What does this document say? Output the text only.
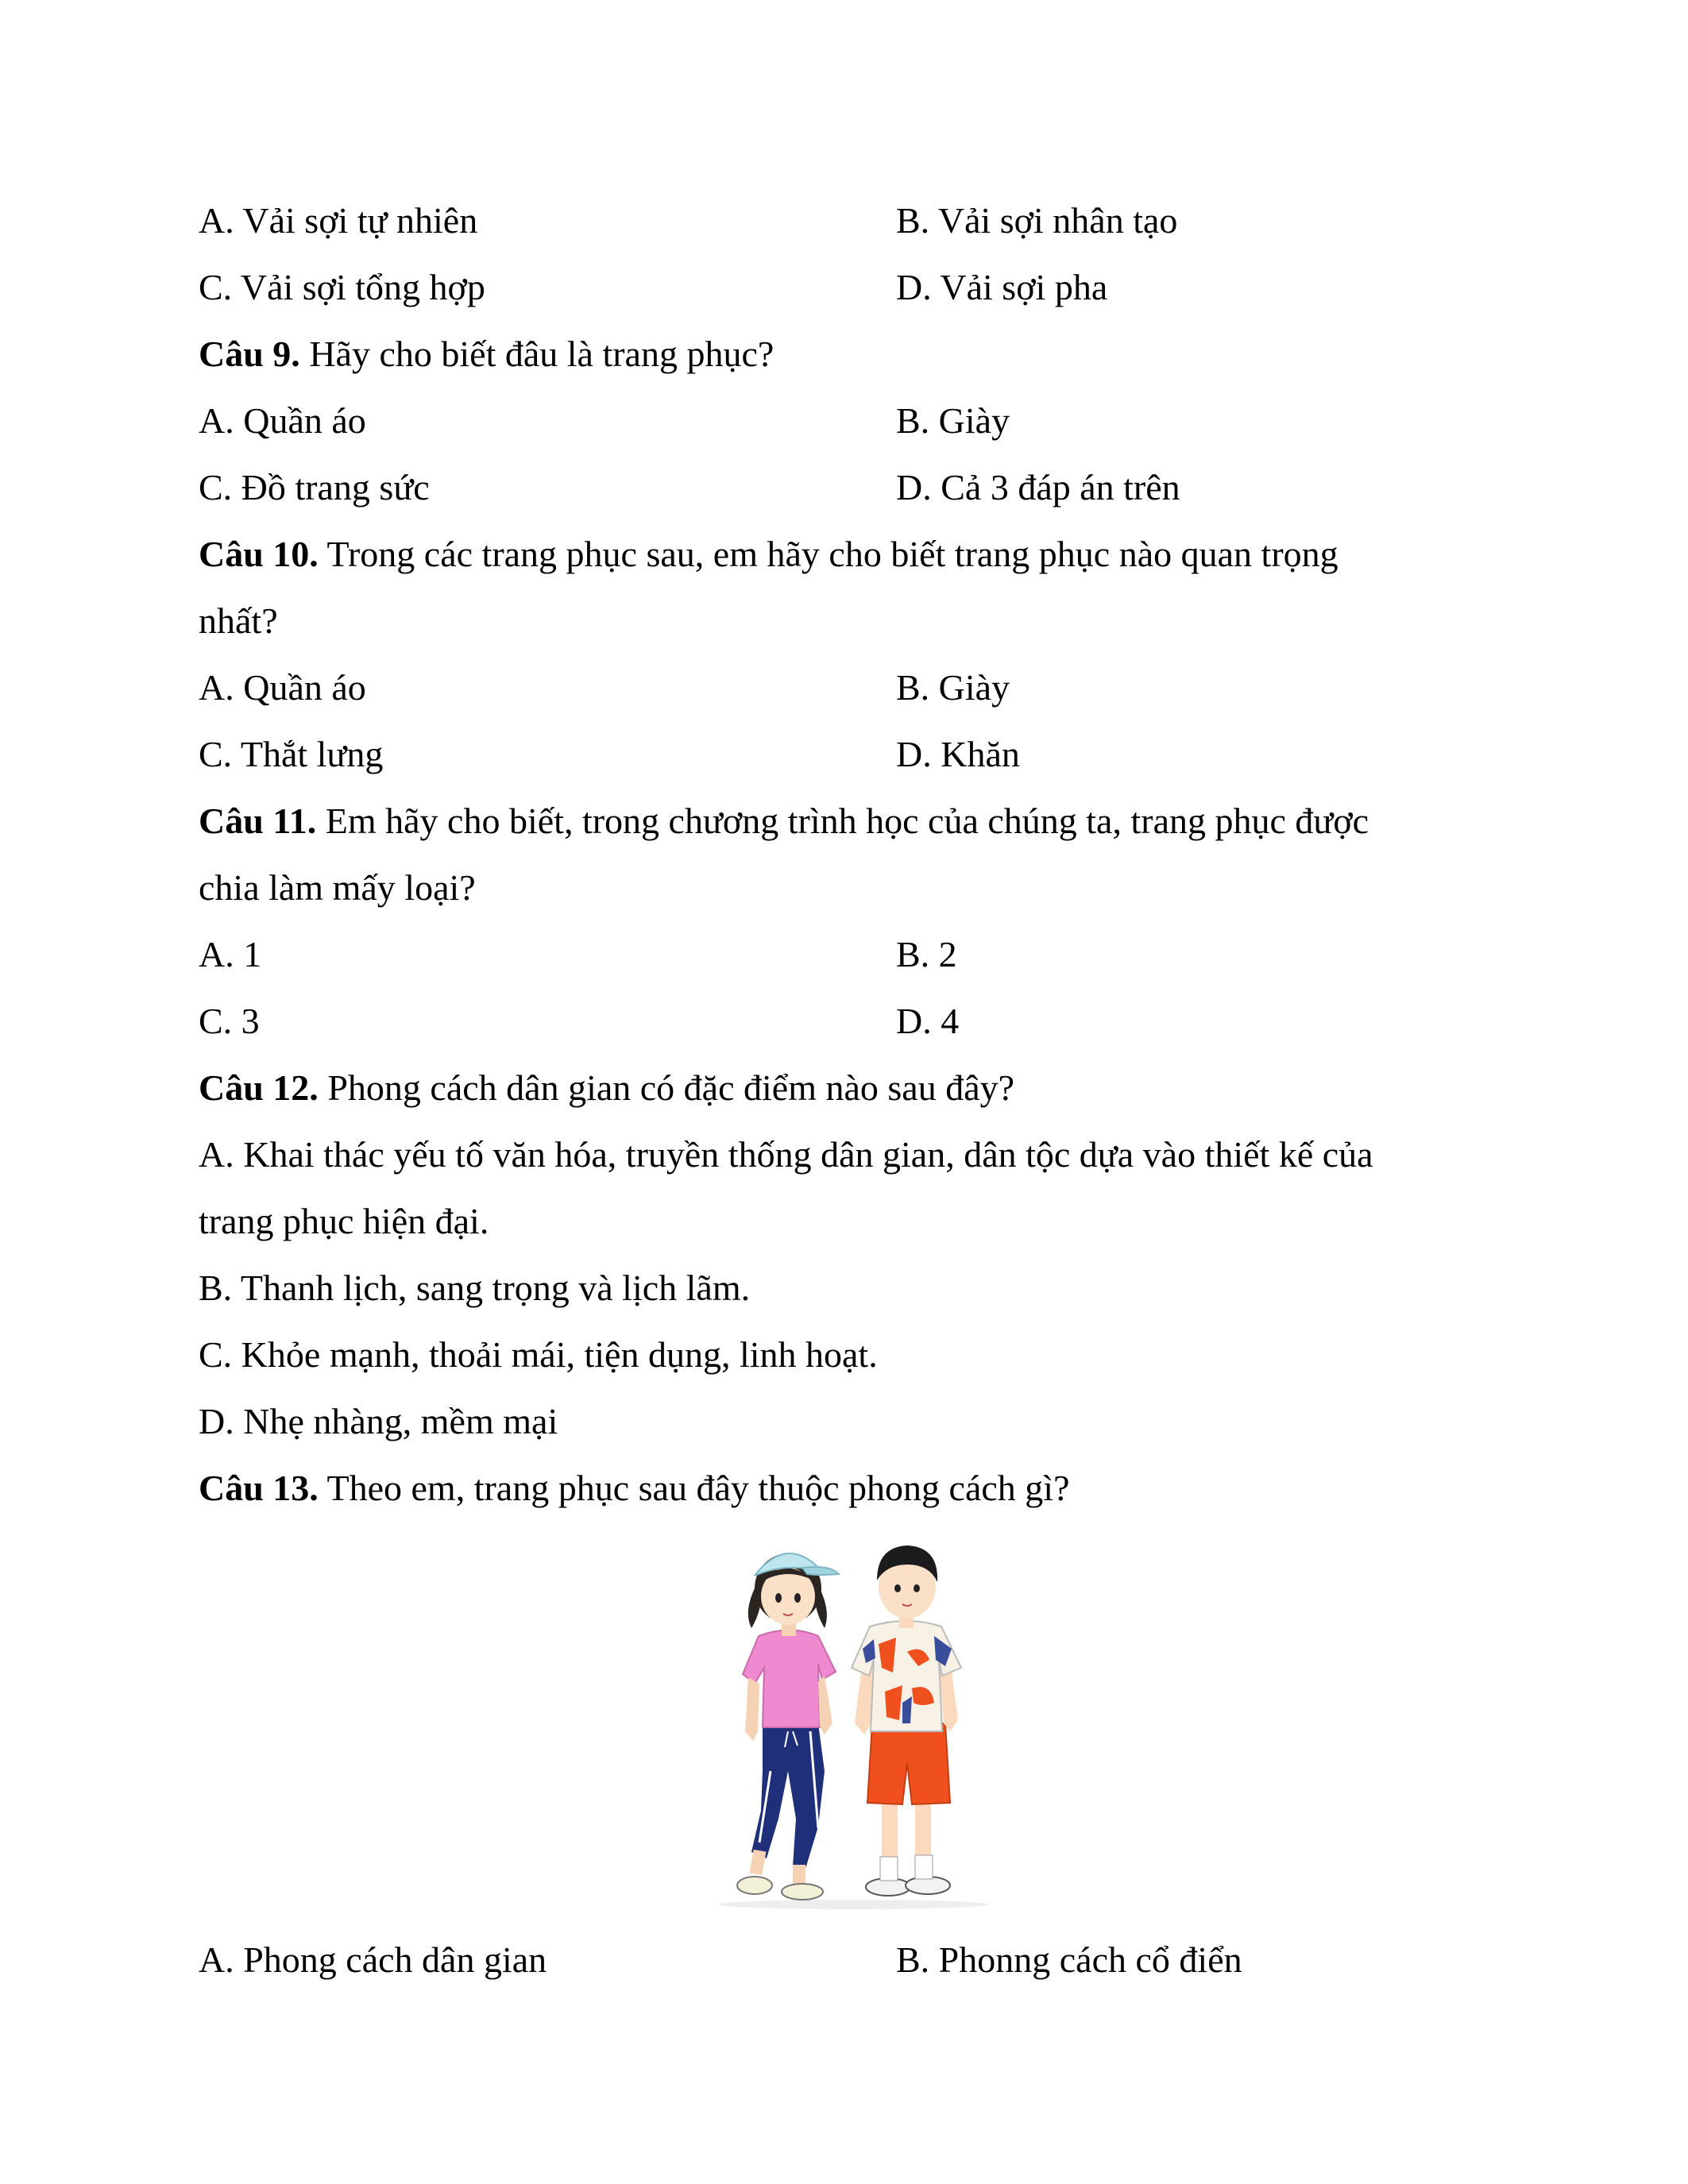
A. Vải sợi tự nhiên	B. Vải sợi nhân tạo
C. Vải sợi tổng hợp	D. Vải sợi pha
Câu 9. Hãy cho biết đâu là trang phục?
A. Quần áo	B. Giày
C. Đồ trang sức	D. Cả 3 đáp án trên
Câu 10. Trong các trang phục sau, em hãy cho biết trang phục nào quan trọng
nhất?
A. Quần áo	B. Giày
C. Thắt lưng	D. Khăn
Câu 11. Em hãy cho biết, trong chương trình học của chúng ta, trang phục được
chia làm mấy loại?
A. 1	B. 2
C. 3	D. 4
Câu 12. Phong cách dân gian có đặc điểm nào sau đây?
A. Khai thác yếu tố văn hóa, truyền thống dân gian, dân tộc dựa vào thiết kế của
trang phục hiện đại.
B. Thanh lịch, sang trọng và lịch lãm.
C. Khỏe mạnh, thoải mái, tiện dụng, linh hoạt.
D. Nhẹ nhàng, mềm mại
Câu 13. Theo em, trang phục sau đây thuộc phong cách gì?
A. Phong cách dân gian	B. Phonng cách cổ điển
